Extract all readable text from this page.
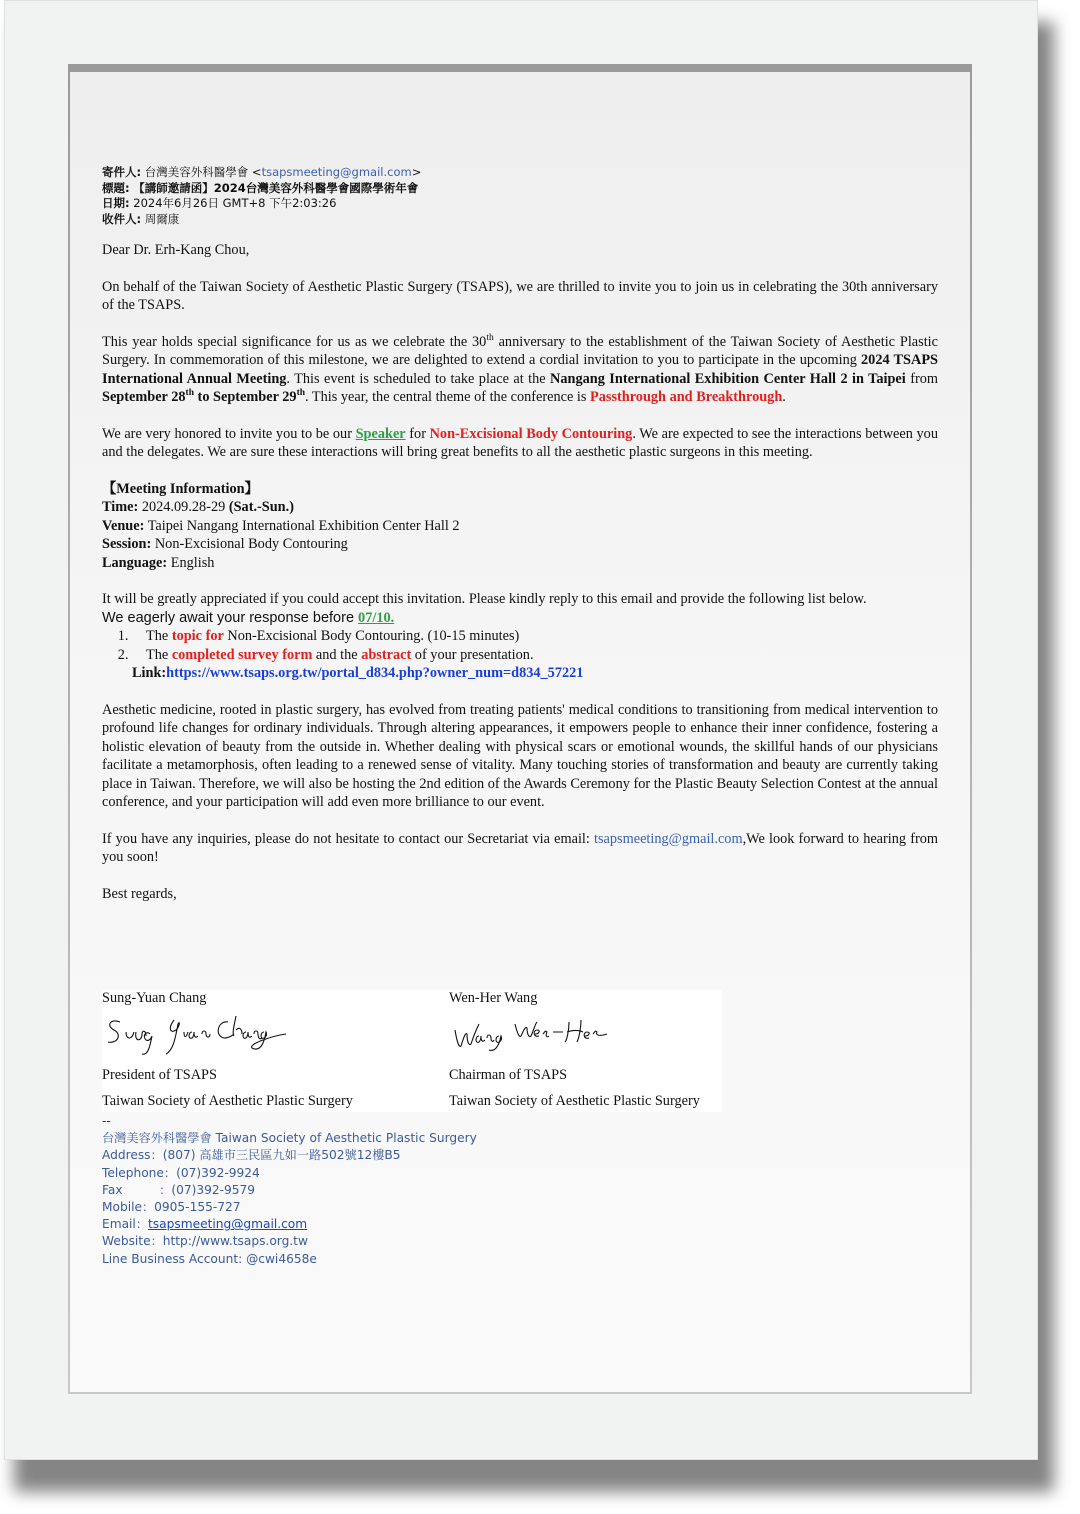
寄件人: 台灣美容外科醫學會 <tsapsmeeting@gmail.com>
標題: 【講師邀請函】2024台灣美容外科醫學會國際學術年會
日期: 2024年6月26日 GMT+8 下午2:03:26
收件人: 周爾康

Dear Dr. Erh-Kang Chou,

On behalf of the Taiwan Society of Aesthetic Plastic Surgery (TSAPS), we are thrilled to invite you to join us in celebrating the 30th anniversary of the TSAPS.

This year holds special significance for us as we celebrate the 30th anniversary to the establishment of the Taiwan Society of Aesthetic Plastic Surgery. In commemoration of this milestone, we are delighted to extend a cordial invitation to you to participate in the upcoming 2024 TSAPS International Annual Meeting. This event is scheduled to take place at the Nangang International Exhibition Center Hall 2 in Taipei from September 28th to September 29th. This year, the central theme of the conference is Passthrough and Breakthrough.

We are very honored to invite you to be our Speaker for Non-Excisional Body Contouring. We are expected to see the interactions between you and the delegates. We are sure these interactions will bring great benefits to all the aesthetic plastic surgeons in this meeting.

【Meeting Information】
Time: 2024.09.28-29 (Sat.-Sun.)
Venue: Taipei Nangang International Exhibition Center Hall 2
Session: Non-Excisional Body Contouring
Language: English

It will be greatly appreciated if you could accept this invitation. Please kindly reply to this email and provide the following list below.

We eagerly await your response before 07/10.
1. The topic for Non-Excisional Body Contouring. (10-15 minutes)
2. The completed survey form and the abstract of your presentation.
Link:https://www.tsaps.org.tw/portal_d834.php?owner_num=d834_57221

Aesthetic medicine, rooted in plastic surgery, has evolved from treating patients' medical conditions to transitioning from medical intervention to profound life changes for ordinary individuals. Through altering appearances, it empowers people to enhance their inner confidence, fostering a holistic elevation of beauty from the outside in. Whether dealing with physical scars or emotional wounds, the skillful hands of our physicians facilitate a metamorphosis, often leading to a renewed sense of vitality. Many touching stories of transformation and beauty are currently taking place in Taiwan. Therefore, we will also be hosting the 2nd edition of the Awards Ceremony for the Plastic Beauty Selection Contest at the annual conference, and your participation will add even more brilliance to our event.

If you have any inquiries, please do not hesitate to contact our Secretariat via email: tsapsmeeting@gmail.com,We look forward to hearing from you soon!

Best regards,

Sung-Yuan Chang
President of TSAPS
Taiwan Society of Aesthetic Plastic Surgery
Wen-Her Wang
Chairman of TSAPS
Taiwan Society of Aesthetic Plastic Surgery
--
台灣美容外科醫學會 Taiwan Society of Aesthetic Plastic Surgery
Address：(807) 高雄市三民區九如一路502號12樓B5
Telephone：(07)392-9924
Fax　　　：(07)392-9579
Mobile：0905-155-727
Email：tsapsmeeting@gmail.com
Website：http://www.tsaps.org.tw
Line Business Account: @cwi4658e
